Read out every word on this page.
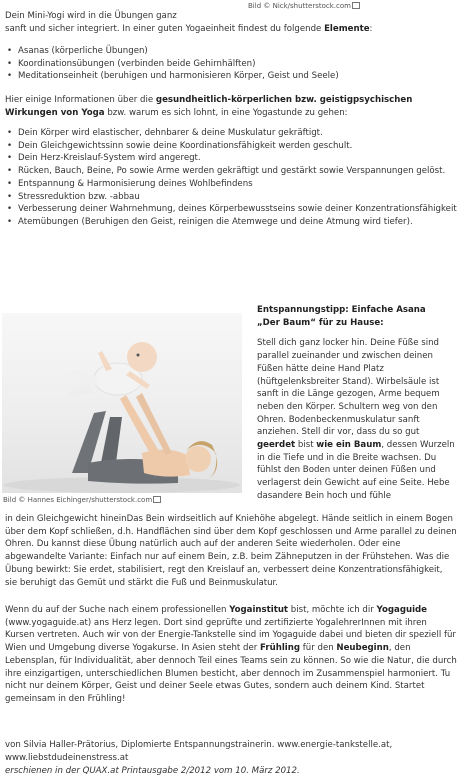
Bild © Nick/shutterstock.com

Dein Mini-Yogi wird in die Übungen ganz

sanft und sicher integriert. In einer guten Yogaeinheit findest du folgende Elemente:

• Asanas (körperliche Übungen)
• Koordinationsübungen (verbinden beide Gehirnhälften)
• Meditationseinheit (beruhigen und harmonisieren Körper, Geist und Seele)

Hier einige Informationen über die gesundheitlich-körperlichen bzw. geistigpsychischen Wirkungen von Yoga bzw. warum es sich lohnt, in eine Yogastunde zu gehen:

• Dein Körper wird elastischer, dehnbarer & deine Muskulatur gekräftigt.
• Dein Gleichgewichtssinn sowie deine Koordinationsfähigkeit werden geschult.
• Dein Herz-Kreislauf-System wird angeregt.
• Rücken, Bauch, Beine, Po sowie Arme werden gekräftigt und gestärkt sowie Verspannungen gelöst.
• Entspannung & Harmonisierung deines Wohlbefindens
• Stressreduktion bzw. -abbau
• Verbesserung deiner Wahrnehmung, deines Körperbewusstseins sowie deiner Konzentrationsfähigkeit
• Atemübungen (Beruhigen den Geist, reinigen die Atemwege und deine Atmung wird tiefer).
Bild © Hannes Eichinger/shutterstock.com

Entspannungstipp: Einfache Asana
„Der Baum“ für zu Hause:

Stell dich ganz locker hin. Deine Füße sind parallel zueinander und zwischen deinen Füßen hätte deine Hand Platz (hüftgelenksbreiter Stand). Wirbelsäule ist sanft in die Länge gezogen, Arme bequem neben den Körper. Schultern weg von den Ohren. Bodenbeckenmuskulatur sanft anziehen. Stell dir vor, dass du so gut geerdet bist wie ein Baum, dessen Wurzeln in die Tiefe und in die Breite wachsen. Du fühlst den Boden unter deinen Füßen und verlagerst dein Gewicht auf eine Seite. Hebe dasandere Bein hoch und fühle

in dein Gleichgewicht hineinDas Bein wirdseitlich auf Kniehöhe abgelegt. Hände seitlich in einem Bogen über dem Kopf schließen, d.h. Handflächen sind über dem Kopf geschlossen und Arme parallel zu deinen Ohren. Du kannst diese Übung natürlich auch auf der anderen Seite wiederholen. Oder eine abgewandelte Variante: Einfach nur auf einem Bein, z.B. beim Zähneputzen in der Frühstehen. Was die Übung bewirkt: Sie erdet, stabilisiert, regt den Kreislauf an, verbessert deine Konzentrationsfähigkeit, sie beruhigt das Gemüt und stärkt die Fuß und Beinmuskulatur.

Wenn du auf der Suche nach einem professionellen Yogainstitut bist, möchte ich dir Yogaguide (www.yogaguide.at) ans Herz legen. Dort sind geprüfte und zertifizierte YogalehrerInnen mit ihren Kursen vertreten. Auch wir von der Energie-Tankstelle sind im Yogaguide dabei und bieten dir speziell für Wien und Umgebung diverse Yogakurse. In Asien steht der Frühling für den Neubeginn, den Lebensplan, für Individualität, aber dennoch Teil eines Teams sein zu können. So wie die Natur, die durch ihre einzigartigen, unterschiedlichen Blumen besticht, aber dennoch im Zusammenspiel harmoniert. Tu nicht nur deinem Körper, Geist und deiner Seele etwas Gutes, sondern auch deinem Kind. Startet gemeinsam in den Frühling!

von Silvia Haller-Prätorius, Diplomierte Entspannungstrainerin. www.energie-tankstelle.at, www.liebstdudeinenstress.at

erschienen in der QUAX.at Printausgabe 2/2012 vom 10. März 2012.
